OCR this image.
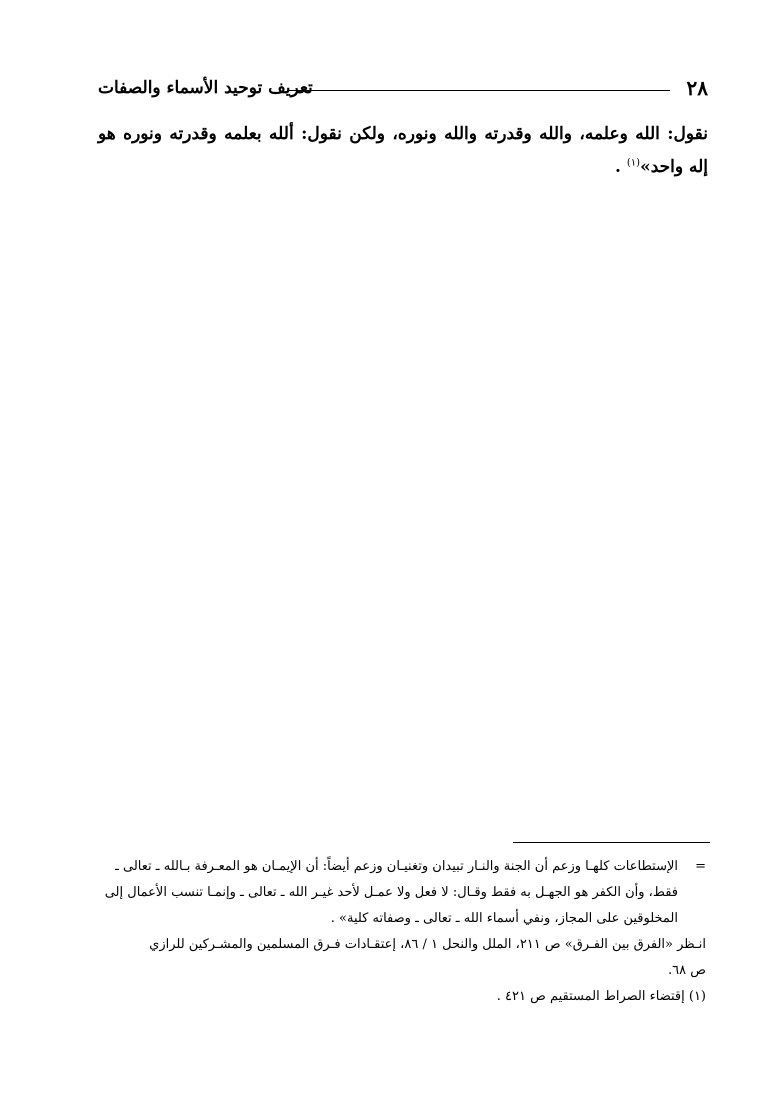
٢٨
تعريف توحيد الأسماء والصفات

نقول: الله وعلمه، والله وقدرته والله ونوره، ولكن نقول: ألله بعلمه وقدرته ونوره هو إله واحد»$^{(١)}$ .

=
الإستطاعات كلهـا وزعم أن الجنة والنـار تبيدان وتغنيـان وزعم أيضاً: أن الإيمـان هو المعـرفة بـالله ـ تعالى ـ
فقط، وأن الكفر هو الجهـل به فقط وقـال: لا فعل ولا عمـل لأحد غيـر الله ـ تعالى ـ وإنمـا تنسب الأعمال إلى
المخلوقين على المجاز، ونفي أسماء الله ـ تعالى ـ وصفاته كلية» .
انـظر «الفرق بين الفـرق» ص ٢١١، الملل والنحل ١ / ٨٦، إعتقـادات فـرق المسلمين والمشـركين للرازي
ص ٦٨.
(١) إقتضاء الصراط المستقيم ص ٤٢١ .
